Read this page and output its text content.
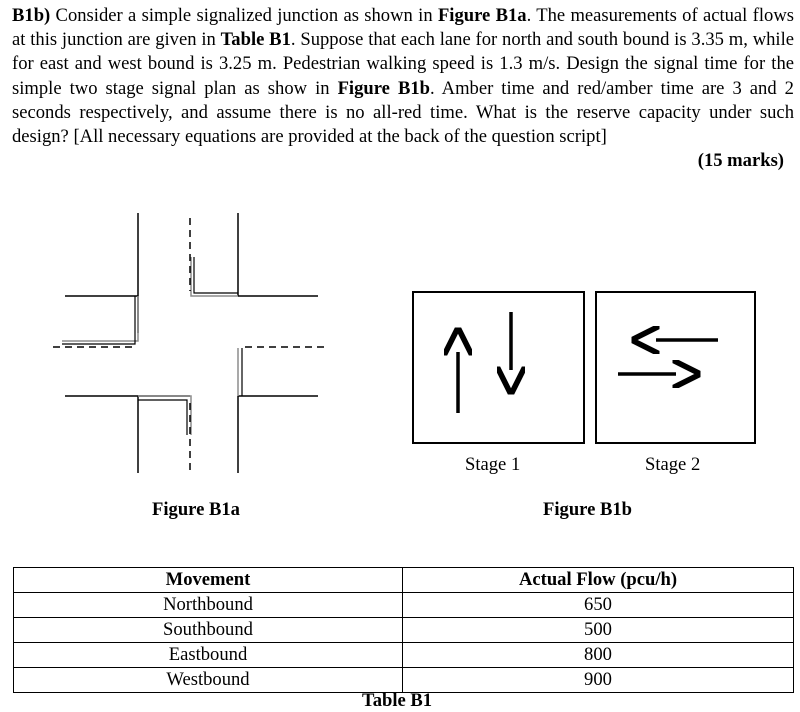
B1b) Consider a simple signalized junction as shown in Figure B1a. The measurements of actual flows at this junction are given in Table B1. Suppose that each lane for north and south bound is 3.35 m, while for east and west bound is 3.25 m. Pedestrian walking speed is 1.3 m/s. Design the signal time for the simple two stage signal plan as show in Figure B1b. Amber time and red/amber time are 3 and 2 seconds respectively, and assume there is no all-red time. What is the reserve capacity under such design? [All necessary equations are provided at the back of the question script]
(15 marks)
Figure B1a
Stage 1	Stage 2
Figure B1b
Movement	Actual Flow (pcu/h)
Northbound	650
Southbound	500
Eastbound	800
Westbound	900
Table B1
